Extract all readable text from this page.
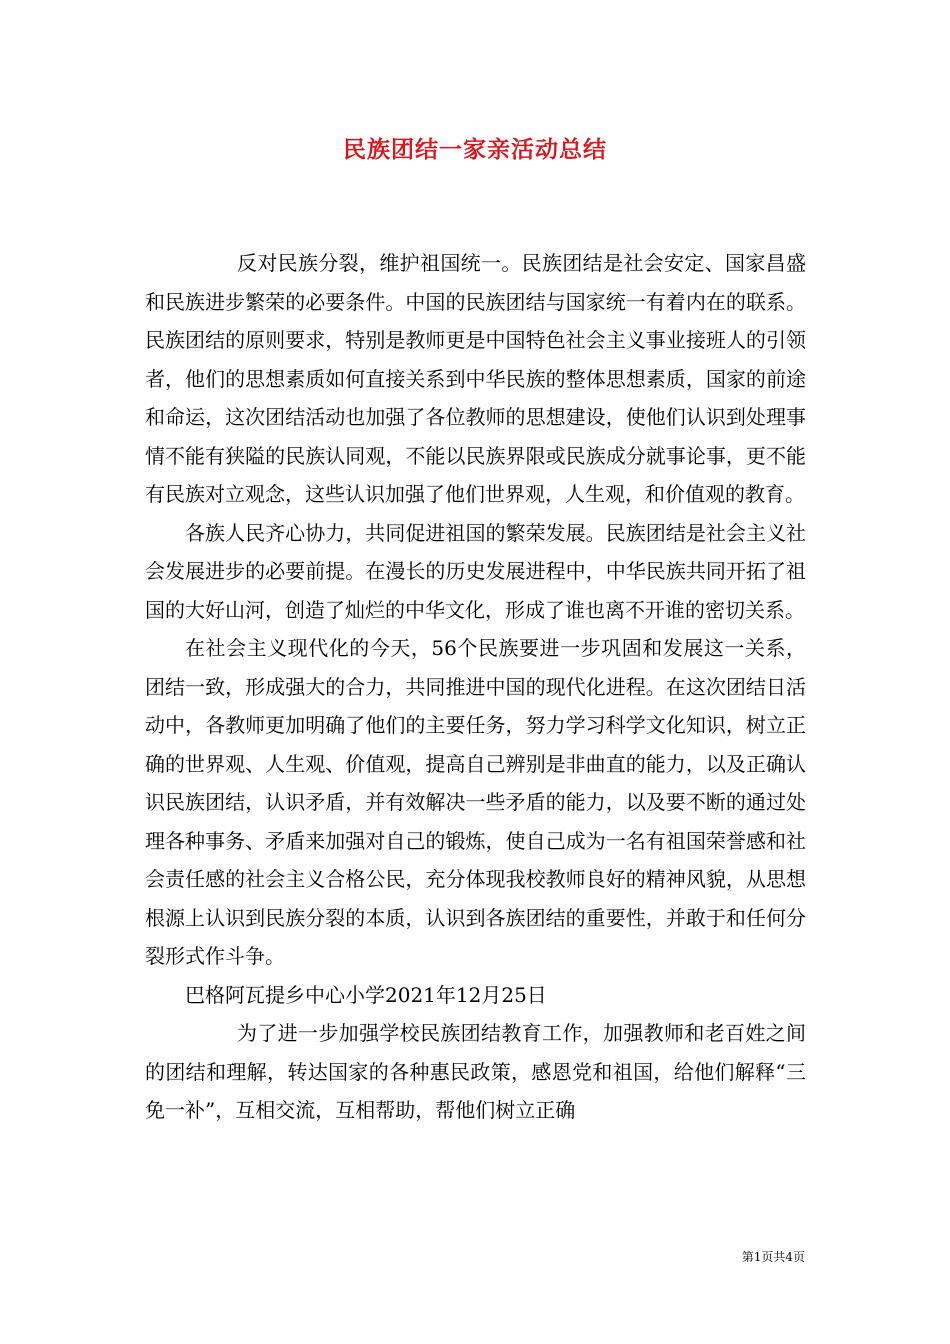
民族团结一家亲活动总结

反对民族分裂，维护祖国统一。民族团结是社会安定、国家昌盛和民族进步繁荣的必要条件。中国的民族团结与国家统一有着内在的联系。民族团结的原则要求，特别是教师更是中国特色社会主义事业接班人的引领者，他们的思想素质如何直接关系到中华民族的整体思想素质，国家的前途和命运，这次团结活动也加强了各位教师的思想建设，使他们认识到处理事情不能有狭隘的民族认同观，不能以民族界限或民族成分就事论事，更不能有民族对立观念，这些认识加强了他们世界观，人生观，和价值观的教育。

各族人民齐心协力，共同促进祖国的繁荣发展。民族团结是社会主义社会发展进步的必要前提。在漫长的历史发展进程中，中华民族共同开拓了祖国的大好山河，创造了灿烂的中华文化，形成了谁也离不开谁的密切关系。

在社会主义现代化的今天，56个民族要进一步巩固和发展这一关系，团结一致，形成强大的合力，共同推进中国的现代化进程。在这次团结日活动中，各教师更加明确了他们的主要任务，努力学习科学文化知识，树立正确的世界观、人生观、价值观，提高自己辨别是非曲直的能力，以及正确认识民族团结，认识矛盾，并有效解决一些矛盾的能力，以及要不断的通过处理各种事务、矛盾来加强对自己的锻炼，使自己成为一名有祖国荣誉感和社会责任感的社会主义合格公民，充分体现我校教师良好的精神风貌，从思想根源上认识到民族分裂的本质，认识到各族团结的重要性，并敢于和任何分裂形式作斗争。

巴格阿瓦提乡中心小学2021年12月25日

为了进一步加强学校民族团结教育工作，加强教师和老百姓之间的团结和理解，转达国家的各种惠民政策，感恩党和祖国，给他们解释“三免一补”，互相交流，互相帮助，帮他们树立正确

第1页共4页
